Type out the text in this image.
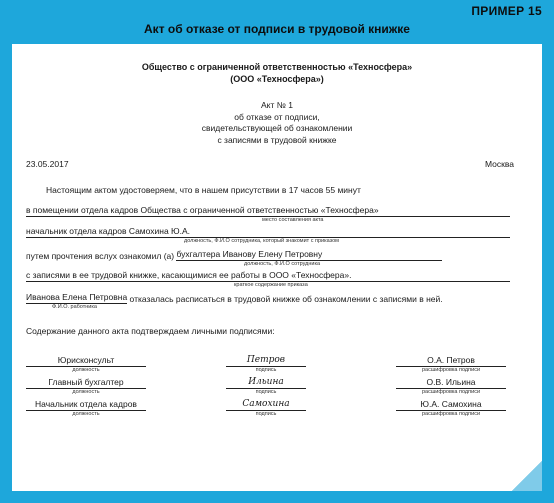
ПРИМЕР 15
Акт об отказе от подписи в трудовой книжке
Общество с ограниченной ответственностью «Техносфера»
(ООО «Техносфера»)
Акт № 1
об отказе от подписи,
свидетельствующей об ознакомлении
с записями в трудовой книжке
23.05.2017	Москва
Настоящим актом удостоверяем, что в нашем присутствии в 17 часов 55 минут
в помещении отдела кадров Общества с ограниченной ответственностью «Техносфера»
место составления акта
начальник отдела кадров Самохина Ю.А.
должность, Ф.И.О сотрудника, который знакомит с приказом
путем прочтения вслух ознакомил (а) бухгалтера Иванову Елену Петровну
должность, Ф.И.О сотрудника
с записями в ее трудовой книжке, касающимися ее работы в ООО «Техносфера».
краткое содержание приказа
Иванова Елена Петровна отказалась расписаться в трудовой книжке об ознакомлении с записями в ней.
Ф.И.О. работника
Содержание данного акта подтверждаем личными подписями:
Юрисконсульт
должность
Петров
подпись
О.А. Петров
расшифровка подписи
Главный бухгалтер
должность
Ильина
подпись
О.В. Ильина
расшифровка подписи
Начальник отдела кадров
должность
Самохина
подпись
Ю.А. Самохина
расшифровка подписи
